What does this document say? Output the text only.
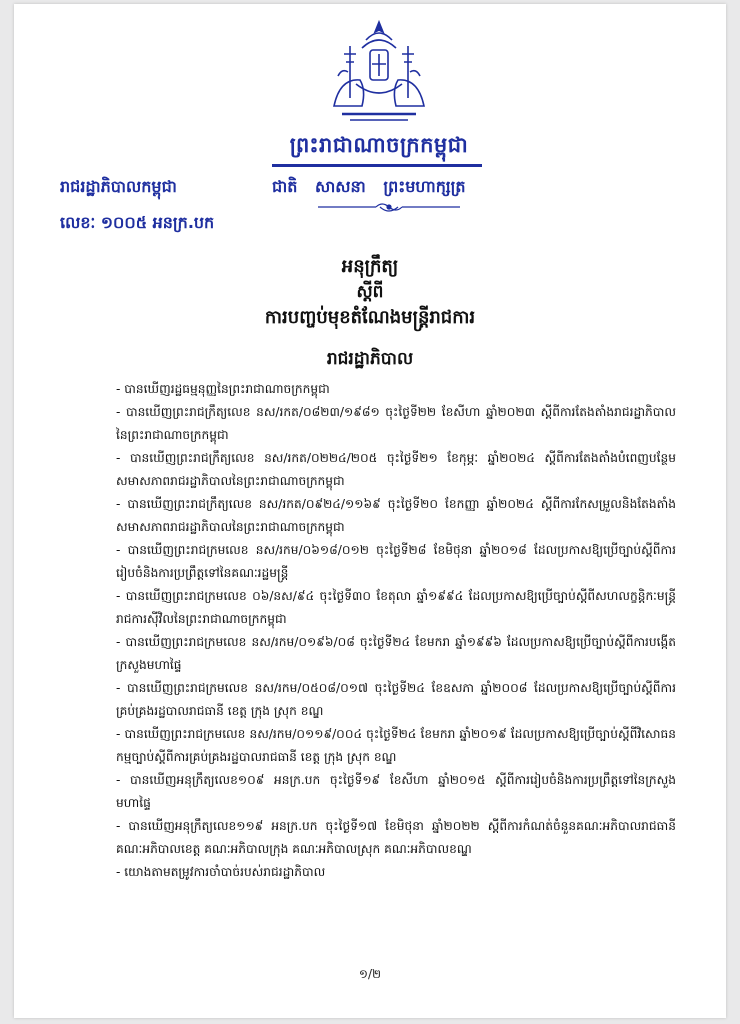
ព្រះរាជាណាចក្រកម្ពុជា
រាជរដ្ឋាភិបាលកម្ពុជា	ជាតិ សាសនា ព្រះមហាក្សត្រ
លេខៈ ១០០៥ អនក្រ.បក
អនុក្រឹត្យ
ស្តីពី
ការបញ្ចប់មុខតំណែងមន្ត្រីរាជការ
រាជរដ្ឋាភិបាល
- បានឃើញរដ្ឋធម្មនុញ្ញនៃព្រះរាជាណាចក្រកម្ពុជា
- បានឃើញព្រះរាជក្រឹត្យលេខ នស/រកត/០៨២៣/១៩៨១ ចុះថ្ងៃទី២២ ខែសីហា ឆ្នាំ២០២៣ ស្តីពីការតែងតាំងរាជរដ្ឋាភិបាលនៃព្រះរាជាណាចក្រកម្ពុជា
- បានឃើញព្រះរាជក្រឹត្យលេខ នស/រកត/០២២៤/២០៥ ចុះថ្ងៃទី២១ ខែកុម្ភៈ ឆ្នាំ២០២៤ ស្តីពីការតែងតាំងបំពេញបន្ថែមសមាសភាពរាជរដ្ឋាភិបាលនៃព្រះរាជាណាចក្រកម្ពុជា
- បានឃើញព្រះរាជក្រឹត្យលេខ នស/រកត/០៩២៤/១១៦៩ ចុះថ្ងៃទី២០ ខែកញ្ញា ឆ្នាំ២០២៤ ស្តីពីការកែសម្រួលនិងតែងតាំងសមាសភាពរាជរដ្ឋាភិបាលនៃព្រះរាជាណាចក្រកម្ពុជា
- បានឃើញព្រះរាជក្រមលេខ នស/រកម/០៦១៨/០១២ ចុះថ្ងៃទី២៨ ខែមិថុនា ឆ្នាំ២០១៨ ដែលប្រកាសឱ្យប្រើច្បាប់ស្តីពីការរៀបចំនិងការប្រព្រឹត្តទៅនៃគណៈរដ្ឋមន្ត្រី
- បានឃើញព្រះរាជក្រមលេខ ០៦/នស/៩៤ ចុះថ្ងៃទី៣០ ខែតុលា ឆ្នាំ១៩៩៤ ដែលប្រកាសឱ្យប្រើច្បាប់ស្តីពីសហលក្ខន្តិកៈមន្ត្រីរាជការស៊ីវិលនៃព្រះរាជាណាចក្រកម្ពុជា
- បានឃើញព្រះរាជក្រមលេខ នស/រកម/០១៩៦/០៨ ចុះថ្ងៃទី២៤ ខែមករា ឆ្នាំ១៩៩៦ ដែលប្រកាសឱ្យប្រើច្បាប់ស្តីពីការបង្កើតក្រសួងមហាផ្ទៃ
- បានឃើញព្រះរាជក្រមលេខ នស/រកម/០៥០៨/០១៧ ចុះថ្ងៃទី២៤ ខែឧសភា ឆ្នាំ២០០៨ ដែលប្រកាសឱ្យប្រើច្បាប់ស្តីពីការគ្រប់គ្រងរដ្ឋបាលរាជធានី ខេត្ត ក្រុង ស្រុក ខណ្ឌ
- បានឃើញព្រះរាជក្រមលេខ នស/រកម/០១១៩/០០៤ ចុះថ្ងៃទី២៤ ខែមករា ឆ្នាំ២០១៩ ដែលប្រកាសឱ្យប្រើច្បាប់ស្តីពីវិសោធនកម្មច្បាប់ស្តីពីការគ្រប់គ្រងរដ្ឋបាលរាជធានី ខេត្ត ក្រុង ស្រុក ខណ្ឌ
- បានឃើញអនុក្រឹត្យលេខ១០៩ អនក្រ.បក ចុះថ្ងៃទី១៩ ខែសីហា ឆ្នាំ២០១៥ ស្តីពីការរៀបចំនិងការប្រព្រឹត្តទៅនៃក្រសួងមហាផ្ទៃ
- បានឃើញអនុក្រឹត្យលេខ១១៩ អនក្រ.បក ចុះថ្ងៃទី១៧ ខែមិថុនា ឆ្នាំ២០២២ ស្តីពីការកំណត់ចំនួនគណៈអភិបាលរាជធានី គណៈអភិបាលខេត្ត គណៈអភិបាលក្រុង គណៈអភិបាលស្រុក គណៈអភិបាលខណ្ឌ
- យោងតាមតម្រូវការចាំបាច់របស់រាជរដ្ឋាភិបាល
១/២
